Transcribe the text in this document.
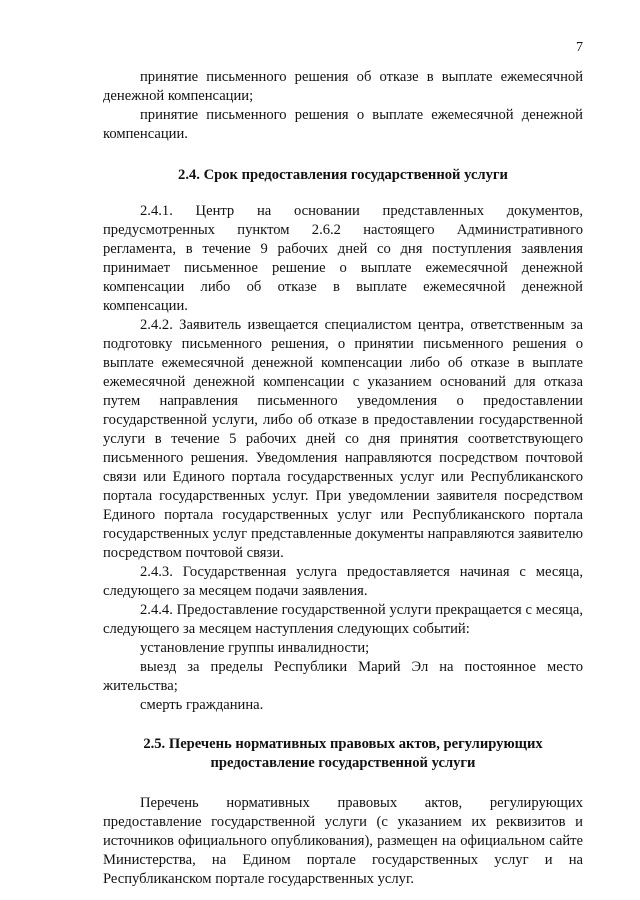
7

принятие письменного решения об отказе в выплате ежемесячной денежной компенсации;

принятие письменного решения о выплате ежемесячной денежной компенсации.

2.4. Срок предоставления государственной услуги

2.4.1. Центр на основании представленных документов, предусмотренных пунктом 2.6.2 настоящего Административного регламента, в течение 9 рабочих дней со дня поступления заявления принимает письменное решение о выплате ежемесячной денежной компенсации либо об отказе в выплате ежемесячной денежной компенсации.

2.4.2. Заявитель извещается специалистом центра, ответственным за подготовку письменного решения, о принятии письменного решения о выплате ежемесячной денежной компенсации либо об отказе в выплате ежемесячной денежной компенсации с указанием оснований для отказа путем направления письменного уведомления о предоставлении государственной услуги, либо об отказе в предоставлении государственной услуги в течение 5 рабочих дней со дня принятия соответствующего письменного решения. Уведомления направляются посредством почтовой связи или Единого портала государственных услуг или Республиканского портала государственных услуг. При уведомлении заявителя посредством Единого портала государственных услуг или Республиканского портала государственных услуг представленные документы направляются заявителю посредством почтовой связи.

2.4.3. Государственная услуга предоставляется начиная с месяца, следующего за месяцем подачи заявления.

2.4.4. Предоставление государственной услуги прекращается с месяца, следующего за месяцем наступления следующих событий:

установление группы инвалидности;

выезд за пределы Республики Марий Эл на постоянное место жительства;

смерть гражданина.

2.5. Перечень нормативных правовых актов, регулирующих
предоставление государственной услуги

Перечень нормативных правовых актов, регулирующих предоставление государственной услуги (с указанием их реквизитов и источников официального опубликования), размещен на официальном сайте Министерства, на Едином портале государственных услуг и на Республиканском портале государственных услуг.
